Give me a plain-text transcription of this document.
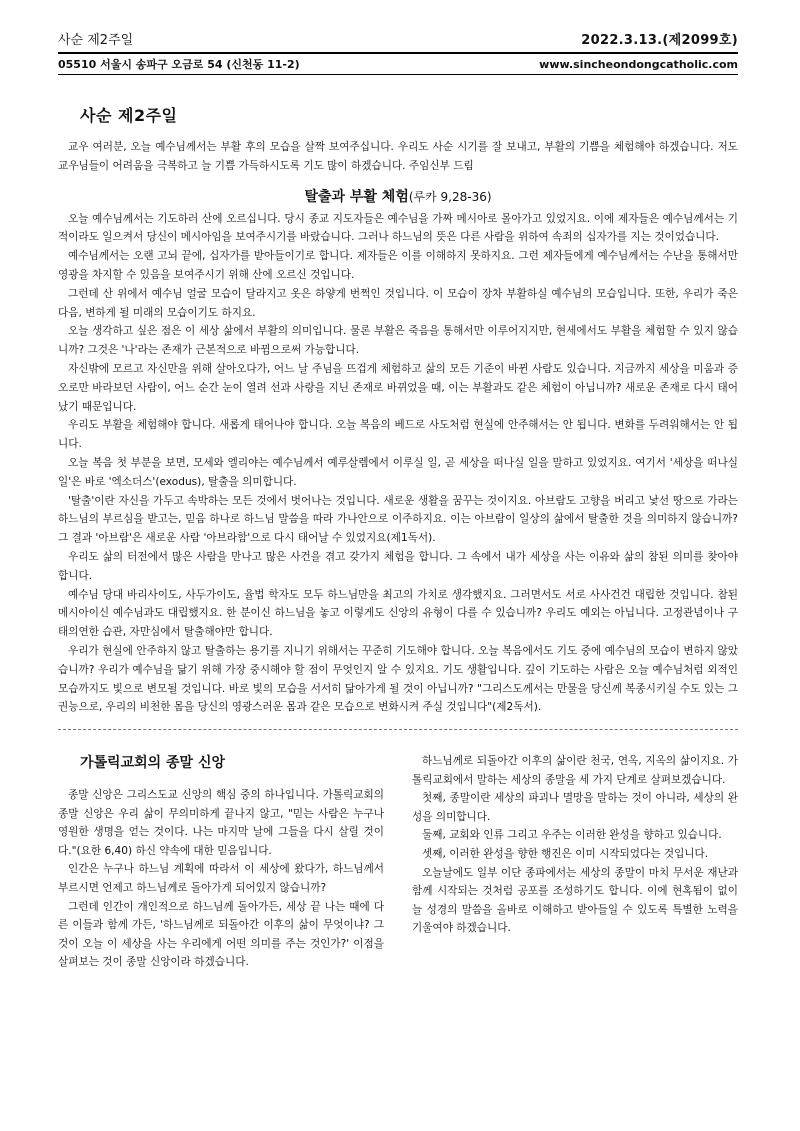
사순 제2주일	2022.3.13.(제2099호)
05510 서울시 송파구 오금로 54 (신천동 11-2)	www.sincheondongcatholic.com
사순 제2주일

교우 여러분, 오늘 예수님께서는 부활 후의 모습을 살짝 보여주십니다. 우리도 사순 시기를 잘 보내고, 부활의 기쁨을 체험해야 하겠습니다. 저도 교우님들이 어려움을 극복하고 늘 기쁨 가득하시도록 기도 많이 하겠습니다. 주임신부 드림

탈출과 부활 체험(루카 9,28-36)

오늘 예수님께서는 기도하러 산에 오르십니다. 당시 종교 지도자들은 예수님을 가짜 메시아로 몰아가고 있었지요. 이에 제자들은 예수님께서는 기적이라도 일으켜서 당신이 메시아임을 보여주시기를 바랐습니다. 그러나 하느님의 뜻은 다른 사람을 위하여 속죄의 십자가를 지는 것이었습니다.

예수님께서는 오랜 고뇌 끝에, 십자가를 받아들이기로 합니다. 제자들은 이를 이해하지 못하지요. 그런 제자들에게 예수님께서는 수난을 통해서만 영광을 차지할 수 있음을 보여주시기 위해 산에 오르신 것입니다.

그런데 산 위에서 예수님 얼굴 모습이 달라지고 옷은 하얗게 번쩍인 것입니다. 이 모습이 장차 부활하실 예수님의 모습입니다. 또한, 우리가 죽은 다음, 변하게 될 미래의 모습이기도 하지요.

오늘 생각하고 싶은 점은 이 세상 삶에서 부활의 의미입니다. 물론 부활은 죽음을 통해서만 이루어지지만, 현세에서도 부활을 체험할 수 있지 않습니까? 그것은 '나'라는 존재가 근본적으로 바뀜으로써 가능합니다.

자신밖에 모르고 자신만을 위해 살아오다가, 어느 날 주님을 뜨겁게 체험하고 삶의 모든 기준이 바뀐 사람도 있습니다. 지금까지 세상을 미움과 증오로만 바라보던 사람이, 어느 순간 눈이 열려 선과 사랑을 지닌 존재로 바뀌었을 때, 이는 부활과도 같은 체험이 아닙니까? 새로운 존재로 다시 태어났기 때문입니다.

우리도 부활을 체험해야 합니다. 새롭게 태어나야 합니다. 오늘 복음의 베드로 사도처럼 현실에 안주해서는 안 됩니다. 변화를 두려워해서는 안 됩니다.

오늘 복음 첫 부분을 보면, 모세와 엘리야는 예수님께서 예루살렘에서 이루실 일, 곧 세상을 떠나실 일을 말하고 있었지요. 여기서 '세상을 떠나실 일'은 바로 '엑소더스'(exodus), 탈출을 의미합니다.

'탈출'이란 자신을 가두고 속박하는 모든 것에서 벗어나는 것입니다. 새로운 생활을 꿈꾸는 것이지요. 아브람도 고향을 버리고 낯선 땅으로 가라는 하느님의 부르심을 받고는, 믿음 하나로 하느님 말씀을 따라 가나안으로 이주하지요. 이는 아브람이 일상의 삶에서 탈출한 것을 의미하지 않습니까? 그 결과 '아브람'은 새로운 사람 '아브라함'으로 다시 태어날 수 있었지요(제1독서).

우리도 삶의 터전에서 많은 사람을 만나고 많은 사건을 겪고 갖가지 체험을 합니다. 그 속에서 내가 세상을 사는 이유와 삶의 참된 의미를 찾아야 합니다.

예수님 당대 바리사이도, 사두가이도, 율법 학자도 모두 하느님만을 최고의 가치로 생각했지요. 그러면서도 서로 사사건건 대립한 것입니다. 참된 메시아이신 예수님과도 대립했지요. 한 분이신 하느님을 놓고 이렇게도 신앙의 유형이 다를 수 있습니까? 우리도 예외는 아닙니다. 고정관념이나 구태의연한 습관, 자만심에서 탈출해야만 합니다.

우리가 현실에 안주하지 않고 탈출하는 용기를 지니기 위해서는 꾸준히 기도해야 합니다. 오늘 복음에서도 기도 중에 예수님의 모습이 변하지 않았습니까? 우리가 예수님을 닮기 위해 가장 중시해야 할 점이 무엇인지 알 수 있지요. 기도 생활입니다. 깊이 기도하는 사람은 오늘 예수님처럼 외적인 모습까지도 빛으로 변모될 것입니다. 바로 빛의 모습을 서서히 닮아가게 될 것이 아닙니까? "그리스도께서는 만물을 당신께 복종시키실 수도 있는 그 권능으로, 우리의 비천한 몸을 당신의 영광스러운 몸과 같은 모습으로 변화시켜 주실 것입니다"(제2독서).

가톨릭교회의 종말 신앙

종말 신앙은 그리스도교 신앙의 핵심 중의 하나입니다. 가톨릭교회의 종말 신앙은 우리 삶이 무의미하게 끝나지 않고, "믿는 사람은 누구나 영원한 생명을 얻는 것이다. 나는 마지막 날에 그들을 다시 살릴 것이다."(요한 6,40) 하신 약속에 대한 믿음입니다.

인간은 누구나 하느님 계획에 따라서 이 세상에 왔다가, 하느님께서 부르시면 언제고 하느님께로 돌아가게 되어있지 않습니까?

그런데 인간이 개인적으로 하느님께 돌아가든, 세상 끝 나는 때에 다른 이들과 함께 가든, '하느님께로 되돌아간 이후의 삶이 무엇이냐? 그것이 오늘 이 세상을 사는 우리에게 어떤 의미를 주는 것인가?' 이점을 살펴보는 것이 종말 신앙이라 하겠습니다.

하느님께로 되돌아간 이후의 삶이란 천국, 연옥, 지옥의 삶이지요. 가톨릭교회에서 말하는 세상의 종말을 세 가지 단계로 살펴보겠습니다.

첫째, 종말이란 세상의 파괴나 멸망을 말하는 것이 아니라, 세상의 완성을 의미합니다.

둘째, 교회와 인류 그리고 우주는 이러한 완성을 향하고 있습니다.

셋째, 이러한 완성을 향한 행진은 이미 시작되었다는 것입니다.

오늘날에도 일부 이단 종파에서는 세상의 종말이 마치 무서운 재난과 함께 시작되는 것처럼 공포를 조성하기도 합니다. 이에 현혹됨이 없이 늘 성경의 말씀을 올바로 이해하고 받아들일 수 있도록 특별한 노력을 기울여야 하겠습니다.
